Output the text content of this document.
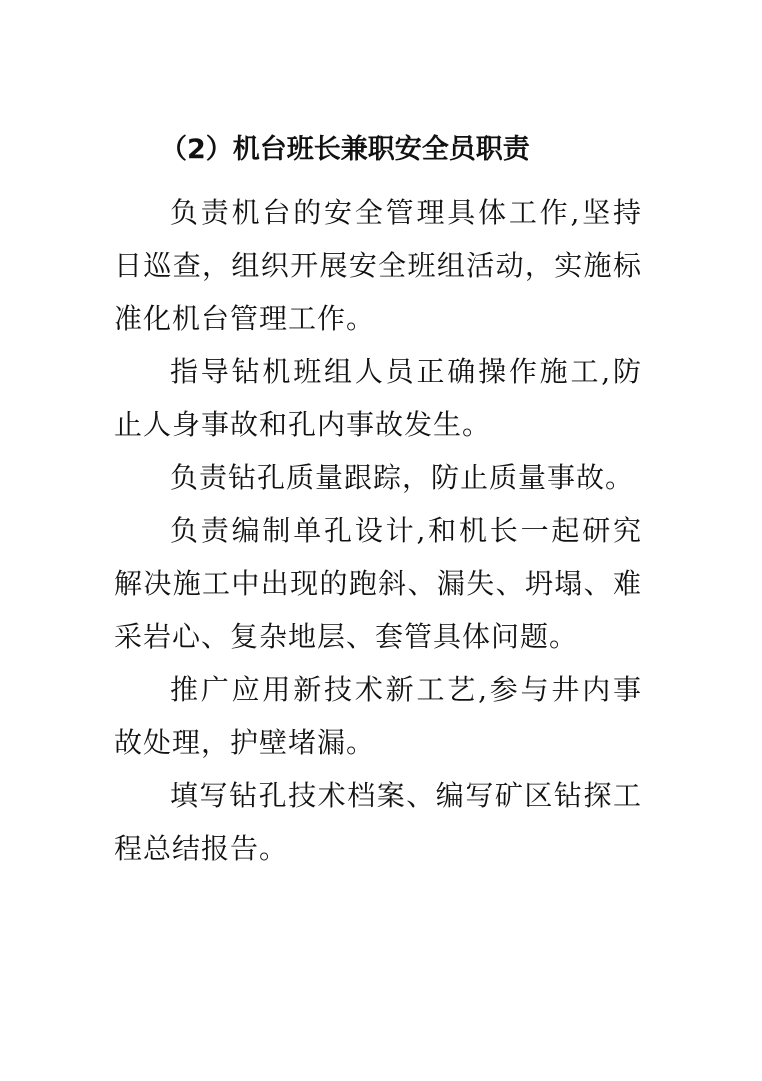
（2）机台班长兼职安全员职责

负责机台的安全管理具体工作,坚持日巡查，组织开展安全班组活动，实施标准化机台管理工作。

指导钻机班组人员正确操作施工,防止人身事故和孔内事故发生。

负责钻孔质量跟踪，防止质量事故。

负责编制单孔设计,和机长一起研究解决施工中出现的跑斜、漏失、坍塌、难采岩心、复杂地层、套管具体问题。

推广应用新技术新工艺,参与井内事故处理，护壁堵漏。

填写钻孔技术档案、编写矿区钻探工程总结报告。
